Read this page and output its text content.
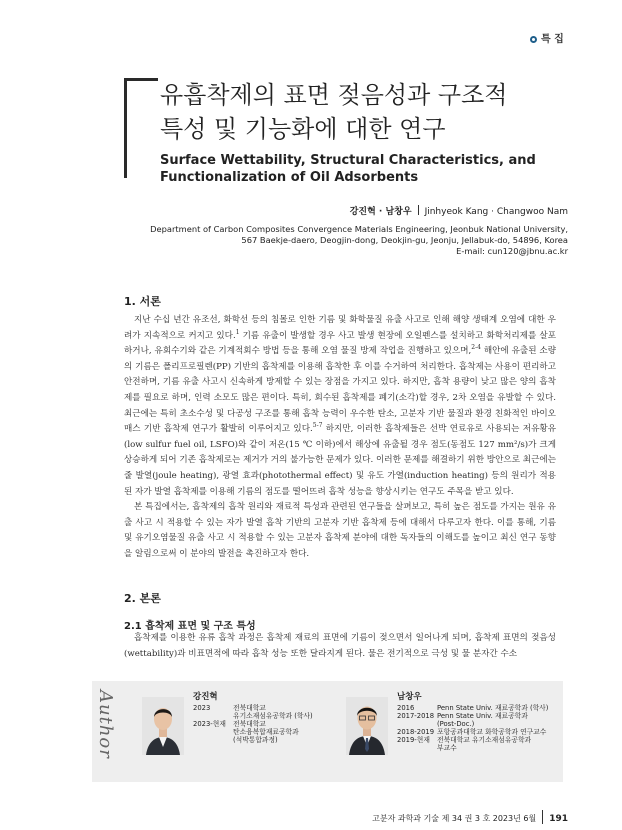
특 집
유흡착제의 표면 젖음성과 구조적
특성 및 기능화에 대한 연구
Surface Wettability, Structural Characteristics, and
Functionalization of Oil Adsorbents
강진혁 · 남창우 Jinhyeok Kang · Changwoo Nam
Department of Carbon Composites Convergence Materials Engineering, Jeonbuk National University,
567 Baekje-daero, Deogjin-dong, Deokjin-gu, Jeonju, Jellabuk-do, 54896, Korea
E-mail: cun120@jbnu.ac.kr
1. 서론

지난 수십 년간 유조선, 화학선 등의 침몰로 인한 기름 및 화학물질 유출 사고로 인해 해양 생태계 오염에 대한 우려가 지속적으로 커지고 있다.$^1$ 기름 유출이 발생할 경우 사고 발생 현장에 오일펜스를 설치하고 화학처리제를 살포하거나, 유회수기와 같은 기계적회수 방법 등을 통해 오염 물질 방제 작업을 진행하고 있으며,$^{2-4}$ 해안에 유출된 소량의 기름은 폴리프로필렌(PP) 기반의 흡착제를 이용해 흡착한 후 이를 수거하여 처리한다. 흡착제는 사용이 편리하고 안전하며, 기름 유출 사고시 신속하게 방제할 수 있는 장점을 가지고 있다. 하지만, 흡착 용량이 낮고 많은 양의 흡착제를 필요로 하며, 인력 소모도 많은 편이다. 특히, 회수된 흡착제를 폐기(소각)할 경우, 2차 오염을 유발할 수 있다. 최근에는 특히 초소수성 및 다공성 구조를 통해 흡착 능력이 우수한 탄소, 고분자 기반 물질과 환경 친화적인 바이오매스 기반 흡착제 연구가 활발히 이루어지고 있다.$^{5-7}$ 하지만, 이러한 흡착제들은 선박 연료유로 사용되는 저유황유(low sulfur fuel oil, LSFO)와 같이 저온(15 ℃ 이하)에서 해상에 유출될 경우 점도(동점도 127 mm²/s)가 크게 상승하게 되어 기존 흡착제로는 제거가 거의 불가능한 문제가 있다. 이러한 문제를 해결하기 위한 방안으로 최근에는 줄 발열(joule heating), 광열 효과(photothermal effect) 및 유도 가열(induction heating) 등의 원리가 적용된 자가 발열 흡착제를 이용해 기름의 점도를 떨어뜨려 흡착 성능을 향상시키는 연구도 주목을 받고 있다.

본 특집에서는, 흡착제의 흡착 원리와 재료적 특성과 관련된 연구들을 살펴보고, 특히 높은 점도를 가지는 원유 유출 사고 시 적용할 수 있는 자가 발열 흡착 기반의 고분자 기반 흡착제 등에 대해서 다루고자 한다. 이를 통해, 기름 및 유기오염물질 유출 사고 시 적용할 수 있는 고분자 흡착제 분야에 대한 독자들의 이해도를 높이고 최신 연구 동향을 알림으로써 이 분야의 발전을 촉진하고자 한다.

2. 본론
2.1 흡착제 표면 및 구조 특성

흡착제를 이용한 유류 흡착 과정은 흡착제 재료의 표면에 기름이 젖으면서 일어나게 되며, 흡착제 표면의 젖음성(wettability)과 비표면적에 따라 흡착 성능 또한 달라지게 된다. 물은 전기적으로 극성 및 물 분자간 수소

Author	강진혁
2023	전북대학교
유기소재섬유공학과 (학사)
2023-현재	전북대학교
탄소융복합재료공학과
(석박통합과정)
남창우
2016	Penn State Univ. 재료공학과 (학사)
2017-2018 Penn State Univ. 재료공학과
(Post-Doc.)
2018-2019 포항공과대학교 화학공학과 연구교수
2019-현재	전북대학교 유기소재섬유공학과
부교수
고분자 과학과 기술 제 34 권 3 호 2023년 6월 191
